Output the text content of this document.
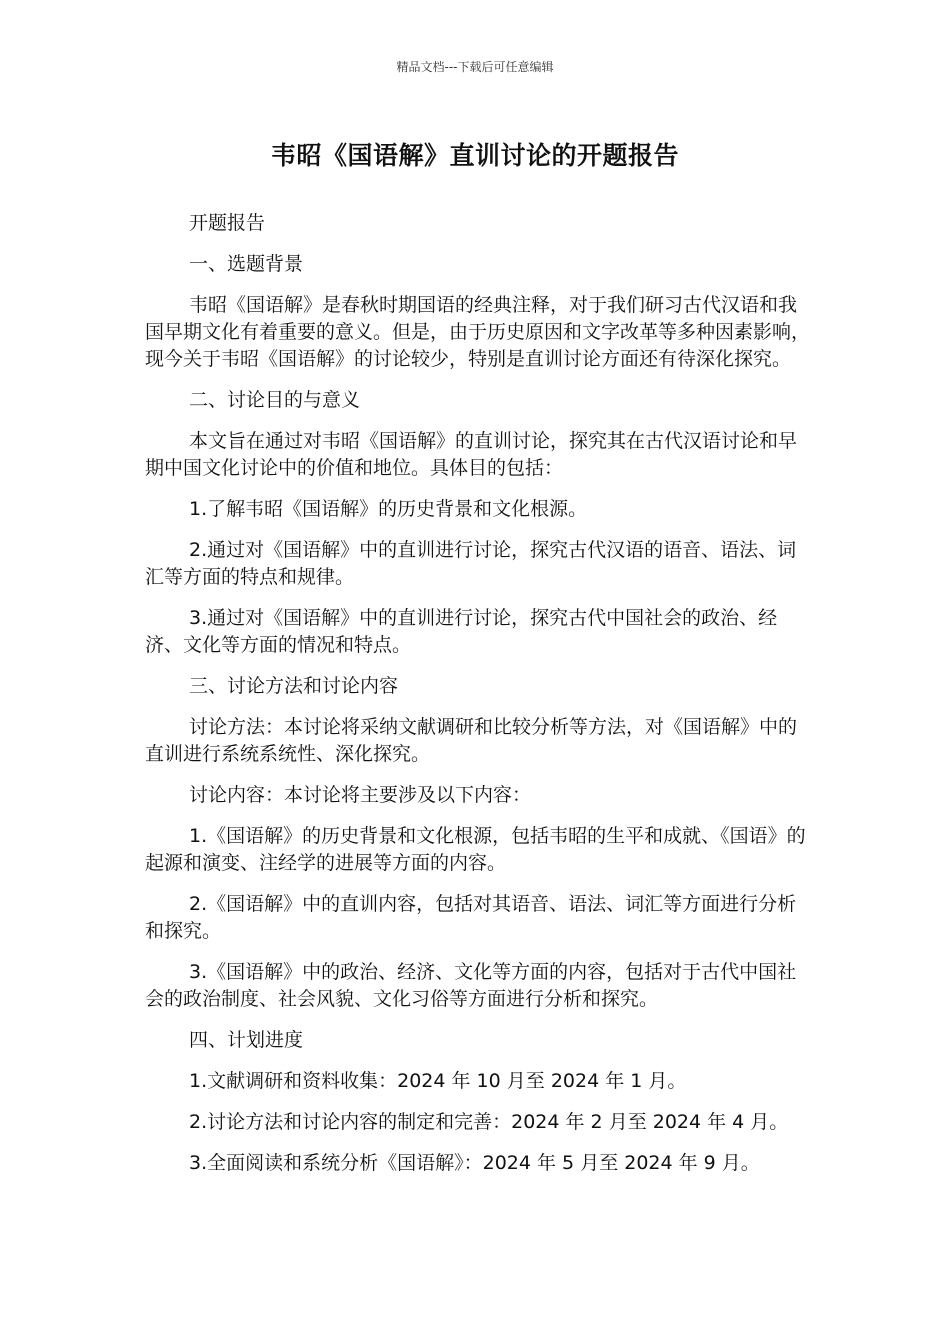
精品文档---下载后可任意编辑
韦昭《国语解》直训讨论的开题报告

开题报告

一、选题背景

韦昭《国语解》是春秋时期国语的经典注释，对于我们研习古代汉语和我国早期文化有着重要的意义。但是，由于历史原因和文字改革等多种因素影响，现今关于韦昭《国语解》的讨论较少，特别是直训讨论方面还有待深化探究。

二、讨论目的与意义

本文旨在通过对韦昭《国语解》的直训讨论，探究其在古代汉语讨论和早期中国文化讨论中的价值和地位。具体目的包括：

1.了解韦昭《国语解》的历史背景和文化根源。

2.通过对《国语解》中的直训进行讨论，探究古代汉语的语音、语法、词汇等方面的特点和规律。

3.通过对《国语解》中的直训进行讨论，探究古代中国社会的政治、经济、文化等方面的情况和特点。

三、讨论方法和讨论内容

讨论方法：本讨论将采纳文献调研和比较分析等方法，对《国语解》中的直训进行系统系统性、深化探究。

讨论内容：本讨论将主要涉及以下内容：

1.《国语解》的历史背景和文化根源，包括韦昭的生平和成就、《国语》的起源和演变、注经学的进展等方面的内容。

2.《国语解》中的直训内容，包括对其语音、语法、词汇等方面进行分析和探究。

3.《国语解》中的政治、经济、文化等方面的内容，包括对于古代中国社会的政治制度、社会风貌、文化习俗等方面进行分析和探究。

四、计划进度

1.文献调研和资料收集：2024 年 10 月至 2024 年 1 月。

2.讨论方法和讨论内容的制定和完善：2024 年 2 月至 2024 年 4 月。

3.全面阅读和系统分析《国语解》：2024 年 5 月至 2024 年 9 月。
